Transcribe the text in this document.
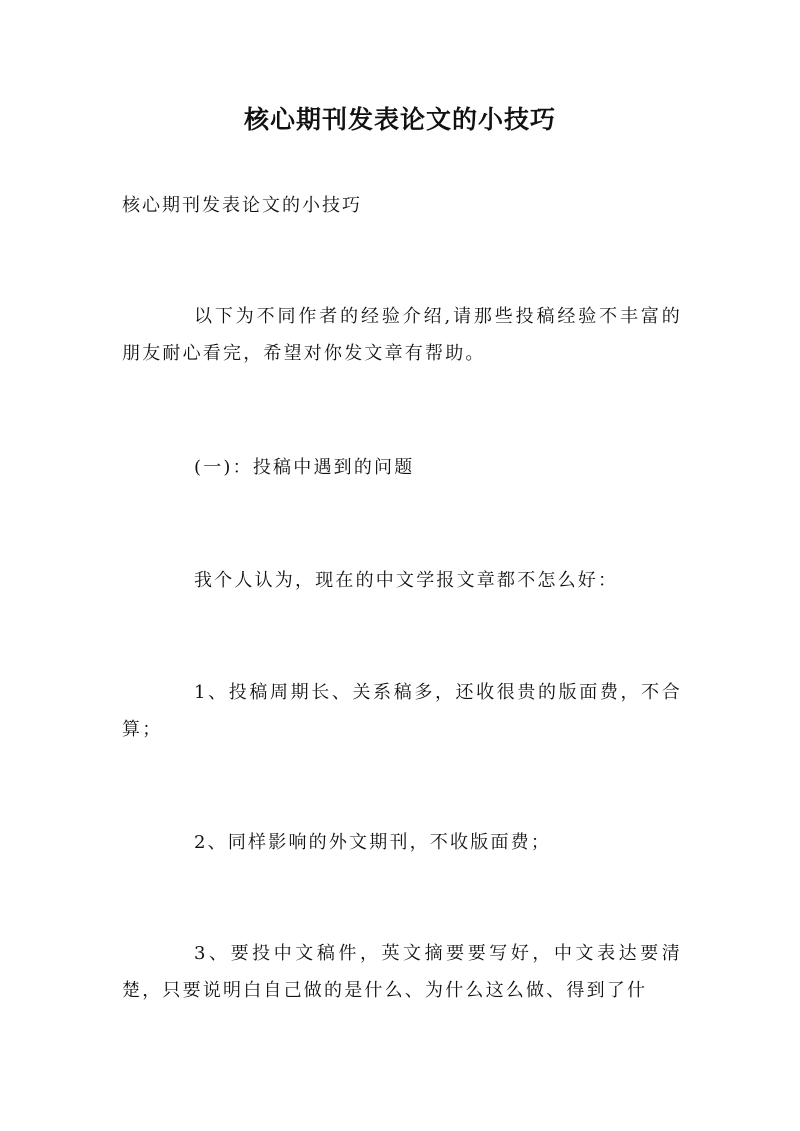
核心期刊发表论文的小技巧

核心期刊发表论文的小技巧

以下为不同作者的经验介绍,请那些投稿经验不丰富的朋友耐心看完，希望对你发文章有帮助。

(一)：投稿中遇到的问题

我个人认为，现在的中文学报文章都不怎么好：

1、投稿周期长、关系稿多，还收很贵的版面费，不合算；

2、同样影响的外文期刊，不收版面费；

3、要投中文稿件，英文摘要要写好，中文表达要清楚，只要说明白自己做的是什么、为什么这么做、得到了什
